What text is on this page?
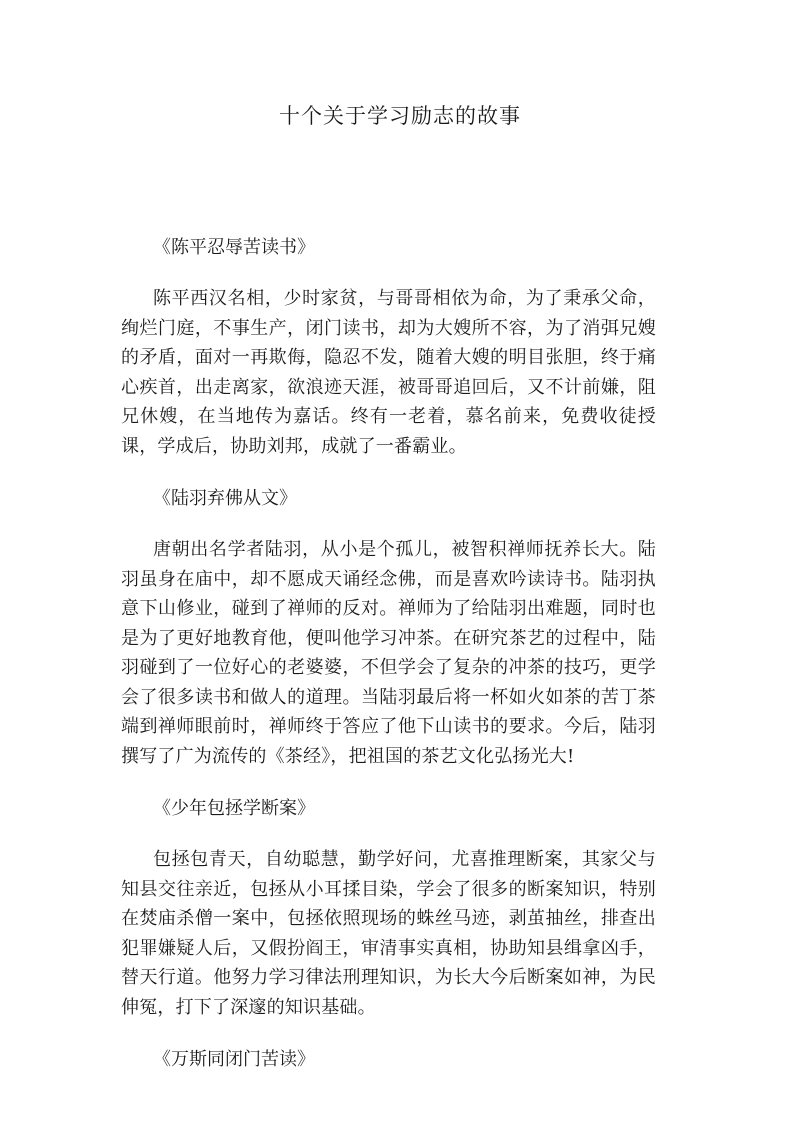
十个关于学习励志的故事
《陈平忍辱苦读书》

陈平西汉名相，少时家贫，与哥哥相依为命，为了秉承父命，绚烂门庭，不事生产，闭门读书，却为大嫂所不容，为了消弭兄嫂的矛盾，面对一再欺侮，隐忍不发，随着大嫂的明目张胆，终于痛心疾首，出走离家，欲浪迹天涯，被哥哥追回后，又不计前嫌，阻兄休嫂，在当地传为嘉话。终有一老着，慕名前来，免费收徒授课，学成后，协助刘邦，成就了一番霸业。

《陆羽弃佛从文》

唐朝出名学者陆羽，从小是个孤儿，被智积禅师抚养长大。陆羽虽身在庙中，却不愿成天诵经念佛，而是喜欢吟读诗书。陆羽执意下山修业，碰到了禅师的反对。禅师为了给陆羽出难题，同时也是为了更好地教育他，便叫他学习冲茶。在研究茶艺的过程中，陆羽碰到了一位好心的老婆婆，不但学会了复杂的冲茶的技巧，更学会了很多读书和做人的道理。当陆羽最后将一杯如火如茶的苦丁茶端到禅师眼前时，禅师终于答应了他下山读书的要求。今后，陆羽撰写了广为流传的《茶经》，把祖国的茶艺文化弘扬光大!

《少年包拯学断案》

包拯包青天，自幼聪慧，勤学好问，尤喜推理断案，其家父与知县交往亲近，包拯从小耳揉目染，学会了很多的断案知识，特别在焚庙杀僧一案中，包拯依照现场的蛛丝马迹，剥茧抽丝，排查出犯罪嫌疑人后，又假扮阎王，审清事实真相，协助知县缉拿凶手，替天行道。他努力学习律法刑理知识，为长大今后断案如神，为民伸冤，打下了深邃的知识基础。

《万斯同闭门苦读》
